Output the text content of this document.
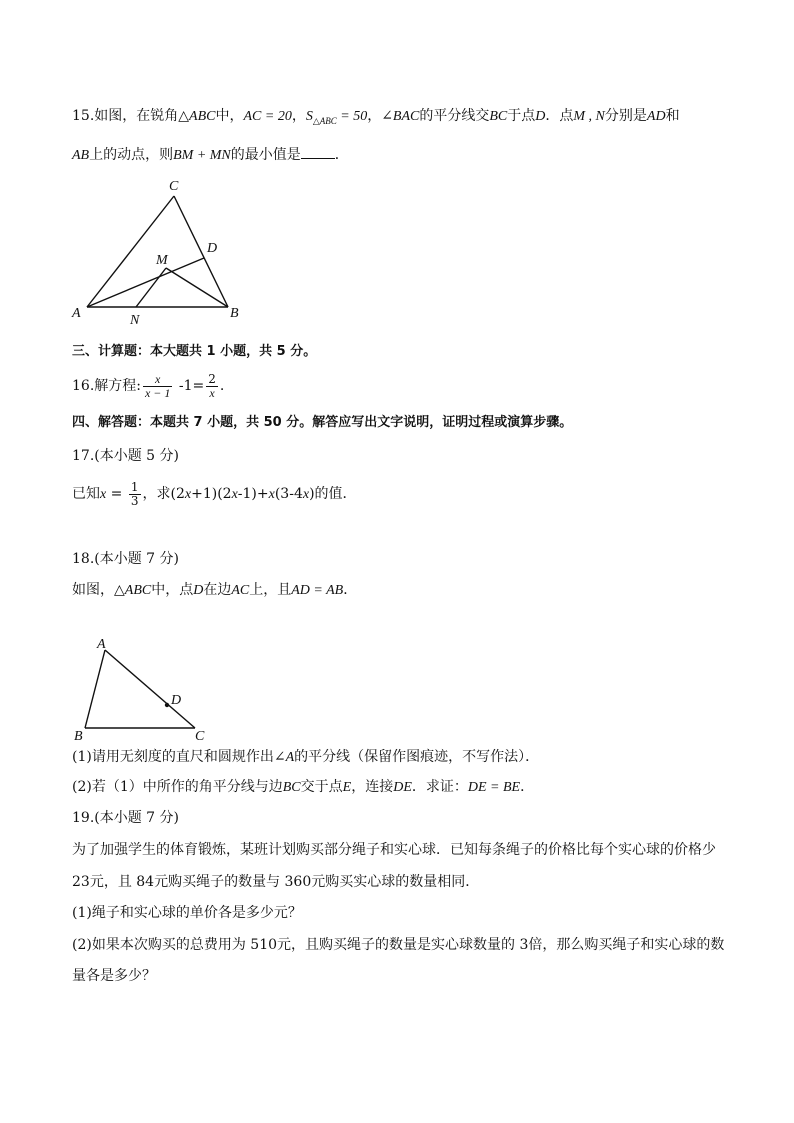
15.如图，在锐角△ABC中，AC = 20，$S_{\triangle ABC} = 50$，∠BAC的平分线交BC于点D．点M , N分别是AD和
AB上的动点，则BM + MN的最小值是 ．
C
D
M
A	N	B
三、计算题：本大题共 1 小题，共 5 分。
16.解方程: $\frac{x}{x - 1} -1= \frac{2}{x}$ .
四、解答题：本题共 7 小题，共 50 分。解答应写出文字说明，证明过程或演算步骤。
17.(本小题 5 分)
已知$x = \frac{1}{3}$ ，求(2x+1)(2x-1)+x(3-4x)的值．
18.(本小题 7 分)
如图，△ABC中，点D在边AC上，且AD = AB．
A
D
B	C
(1)请用无刻度的直尺和圆规作出∠A的平分线（保留作图痕迹，不写作法）．
(2)若（1）中所作的角平分线与边BC交于点E，连接DE．求证：DE = BE．
19.(本小题 7 分)
为了加强学生的体育锻炼，某班计划购买部分绳子和实心球．已知每条绳子的价格比每个实心球的价格少
23元，且 84元购买绳子的数量与 360元购买实心球的数量相同．
(1)绳子和实心球的单价各是多少元？
(2)如果本次购买的总费用为 510元，且购买绳子的数量是实心球数量的 3倍，那么购买绳子和实心球的数
量各是多少？
